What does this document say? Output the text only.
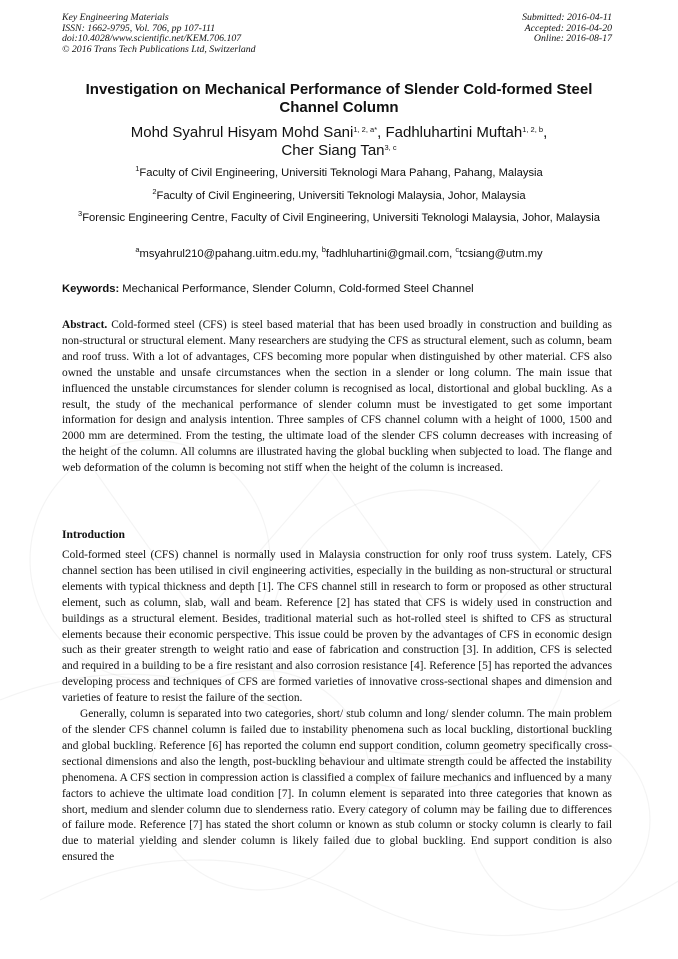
Key Engineering Materials
ISSN: 1662-9795, Vol. 706, pp 107-111
doi:10.4028/www.scientific.net/KEM.706.107
© 2016 Trans Tech Publications Ltd, Switzerland
Submitted: 2016-04-11
Accepted: 2016-04-20
Online: 2016-08-17
Investigation on Mechanical Performance of Slender Cold-formed Steel Channel Column
Mohd Syahrul Hisyam Mohd Sani$^{1, 2, a*}$, Fadhluhartini Muftah$^{1, 2, b}$,
Cher Siang Tan$^{3, c}$
$^1$Faculty of Civil Engineering, Universiti Teknologi Mara Pahang, Pahang, Malaysia
$^2$Faculty of Civil Engineering, Universiti Teknologi Malaysia, Johor, Malaysia
$^3$Forensic Engineering Centre, Faculty of Civil Engineering, Universiti Teknologi Malaysia, Johor, Malaysia
$^a$msyahrul210@pahang.uitm.edu.my, $^b$fadhluhartini@gmail.com, $^c$tcsiang@utm.my
Keywords: Mechanical Performance, Slender Column, Cold-formed Steel Channel
Abstract. Cold-formed steel (CFS) is steel based material that has been used broadly in construction and building as non-structural or structural element. Many researchers are studying the CFS as structural element, such as column, beam and roof truss. With a lot of advantages, CFS becoming more popular when distinguished by other material. CFS also owned the unstable and unsafe circumstances when the section in a slender or long column. The main issue that influenced the unstable circumstances for slender column is recognised as local, distortional and global buckling. As a result, the study of the mechanical performance of slender column must be investigated to get some important information for design and analysis intention. Three samples of CFS channel column with a height of 1000, 1500 and 2000 mm are determined. From the testing, the ultimate load of the slender CFS column decreases with increasing of the height of the column. All columns are illustrated having the global buckling when subjected to load. The flange and web deformation of the column is becoming not stiff when the height of the column is increased.
Introduction

Cold-formed steel (CFS) channel is normally used in Malaysia construction for only roof truss system. Lately, CFS channel section has been utilised in civil engineering activities, especially in the building as non-structural or structural elements with typical thickness and depth [1]. The CFS channel still in research to form or proposed as other structural element, such as column, slab, wall and beam. Reference [2] has stated that CFS is widely used in construction and buildings as a structural element. Besides, traditional material such as hot-rolled steel is shifted to CFS as structural elements because their economic perspective. This issue could be proven by the advantages of CFS in economic design such as their greater strength to weight ratio and ease of fabrication and construction [3]. In addition, CFS is selected and required in a building to be a fire resistant and also corrosion resistance [4]. Reference [5] has reported the advances developing process and techniques of CFS are formed varieties of innovative cross-sectional shapes and dimension and varieties of feature to resist the failure of the section.

Generally, column is separated into two categories, short/ stub column and long/ slender column. The main problem of the slender CFS channel column is failed due to instability phenomena such as local buckling, distortional buckling and global buckling. Reference [6] has reported the column end support condition, column geometry specifically cross-sectional dimensions and also the length, post-buckling behaviour and ultimate strength could be affected the instability phenomena. A CFS section in compression action is classified a complex of failure mechanics and influenced by a many factors to achieve the ultimate load condition [7]. In column element is separated into three categories that known as short, medium and slender column due to slenderness ratio. Every category of column may be failing due to differences of failure mode. Reference [7] has stated the short column or known as stub column or stocky column is clearly to fail due to material yielding and slender column is likely failed due to global buckling. End support condition is also ensured the
